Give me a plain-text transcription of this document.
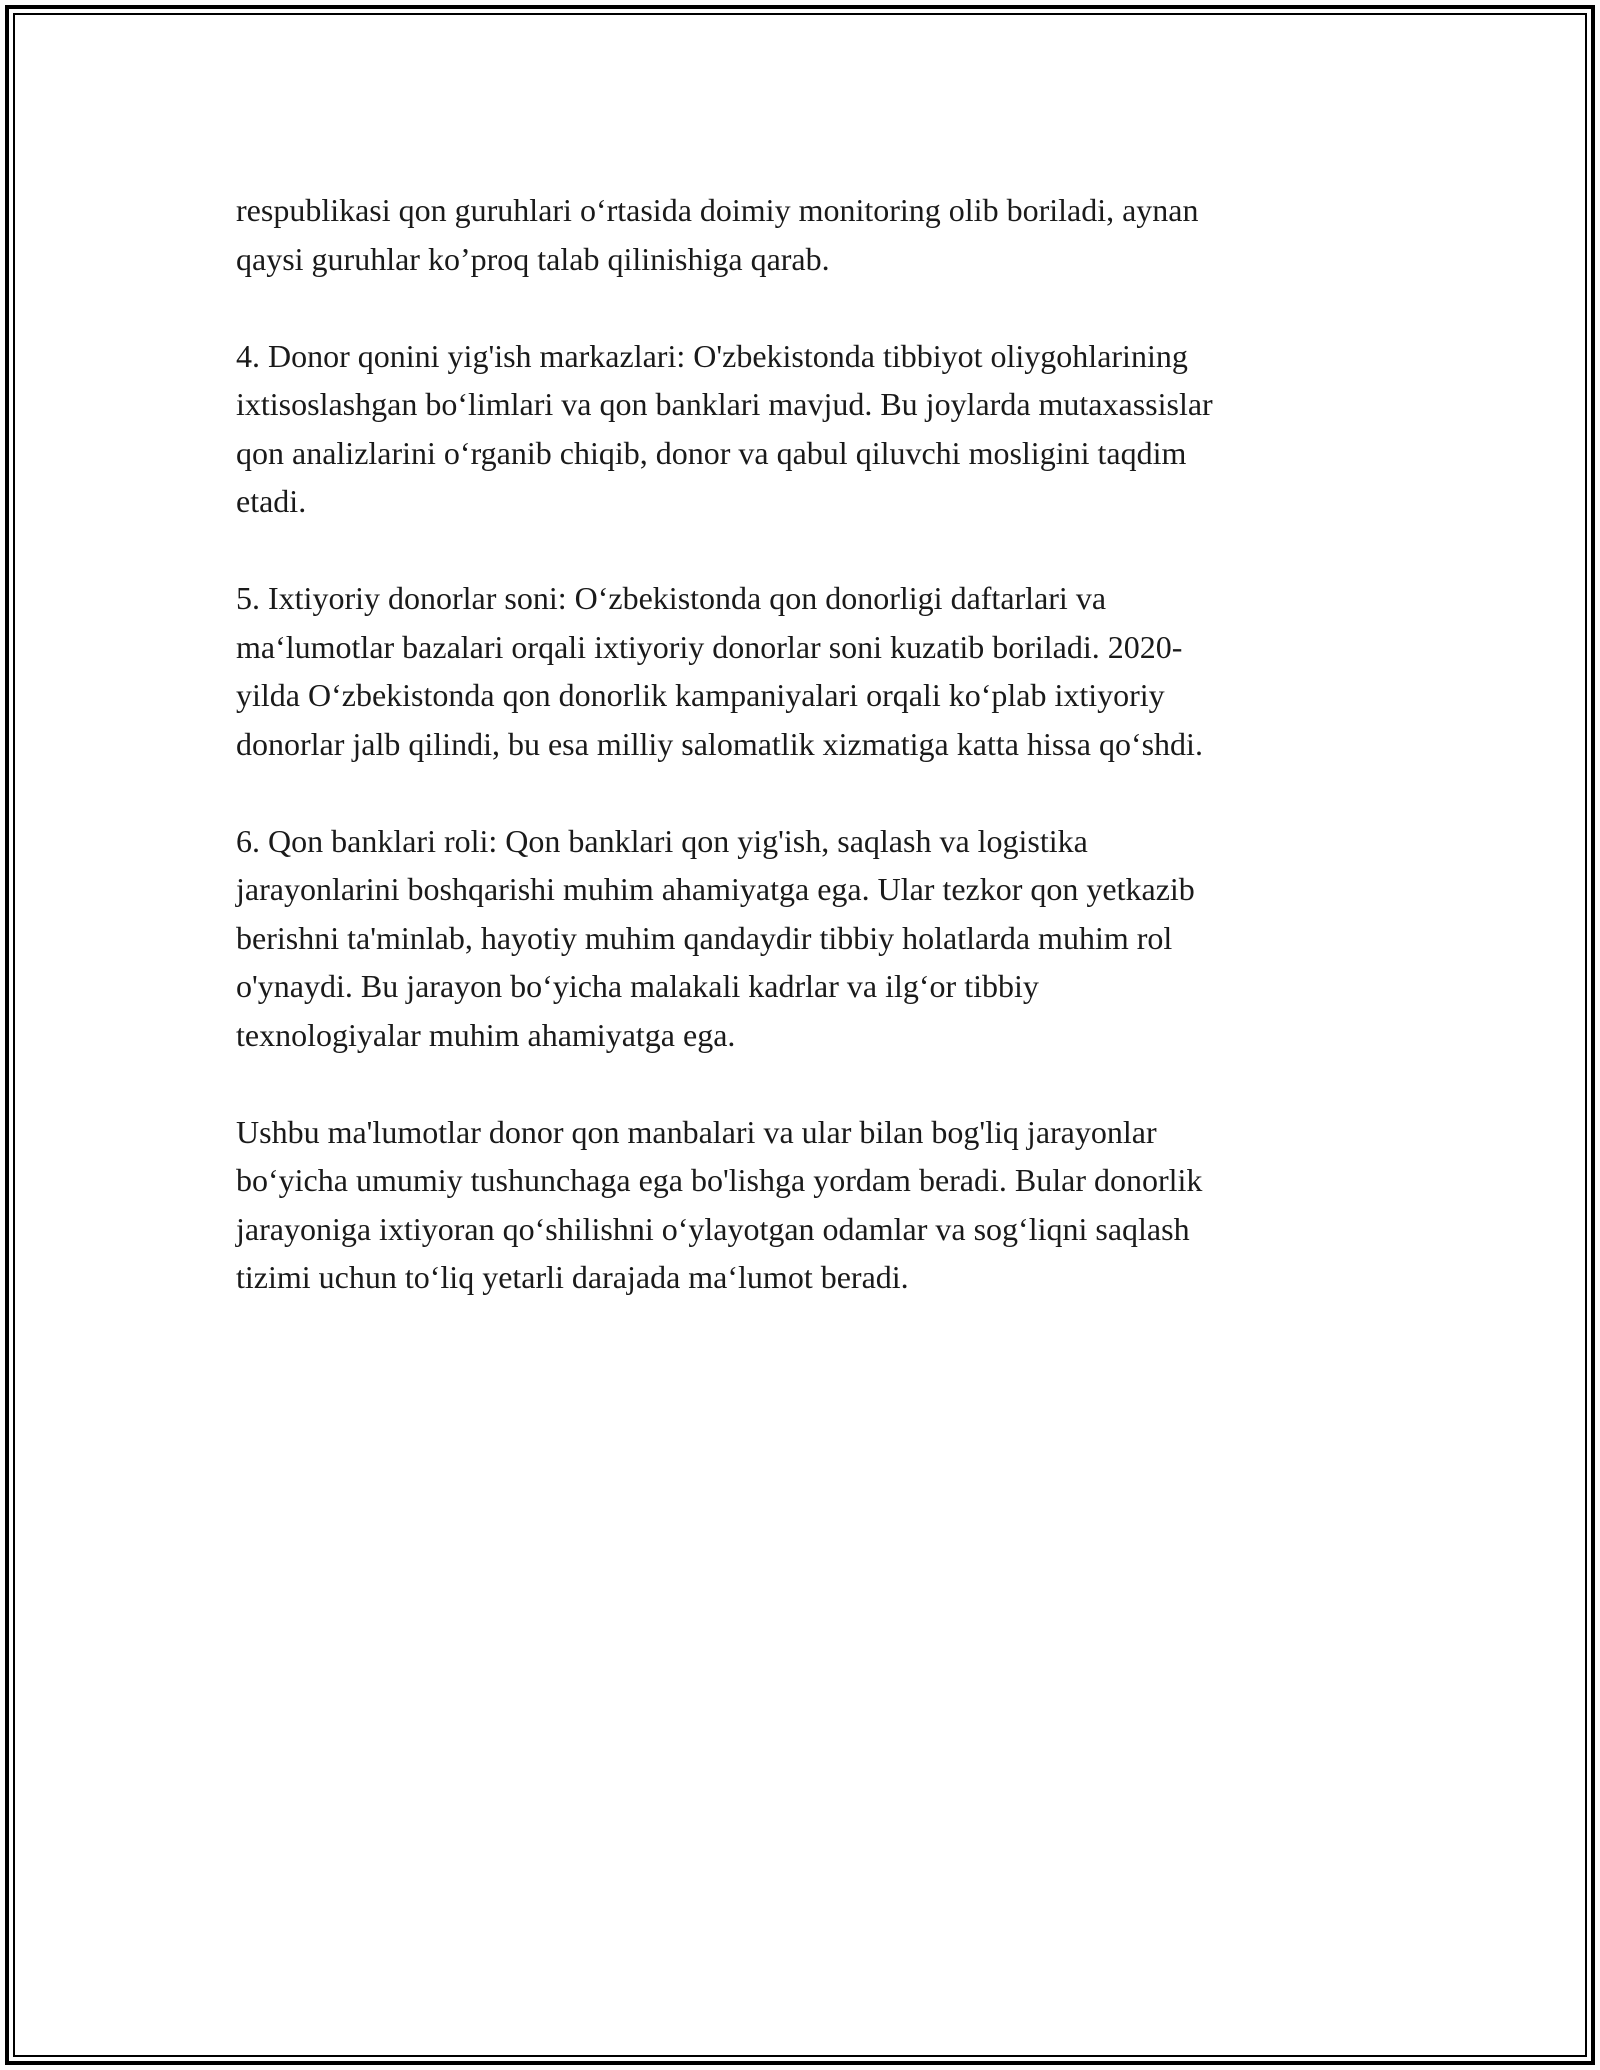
respublikasi qon guruhlari o‘rtasida doimiy monitoring olib boriladi, aynan
qaysi guruhlar ko’proq talab qilinishiga qarab.

4. Donor qonini yig'ish markazlari: O'zbekistonda tibbiyot oliygohlarining
ixtisoslashgan bo‘limlari va qon banklari mavjud. Bu joylarda mutaxassislar
qon analizlarini o‘rganib chiqib, donor va qabul qiluvchi mosligini taqdim
etadi.

5. Ixtiyoriy donorlar soni: O‘zbekistonda qon donorligi daftarlari va
ma‘lumotlar bazalari orqali ixtiyoriy donorlar soni kuzatib boriladi. 2020-
yilda O‘zbekistonda qon donorlik kampaniyalari orqali ko‘plab ixtiyoriy
donorlar jalb qilindi, bu esa milliy salomatlik xizmatiga katta hissa qo‘shdi.

6. Qon banklari roli: Qon banklari qon yig'ish, saqlash va logistika
jarayonlarini boshqarishi muhim ahamiyatga ega. Ular tezkor qon yetkazib
berishni ta'minlab, hayotiy muhim qandaydir tibbiy holatlarda muhim rol
o'ynaydi. Bu jarayon bo‘yicha malakali kadrlar va ilg‘or tibbiy
texnologiyalar muhim ahamiyatga ega.

Ushbu ma'lumotlar donor qon manbalari va ular bilan bog'liq jarayonlar
bo‘yicha umumiy tushunchaga ega bo'lishga yordam beradi. Bular donorlik
jarayoniga ixtiyoran qo‘shilishni o‘ylayotgan odamlar va sog‘liqni saqlash
tizimi uchun to‘liq yetarli darajada ma‘lumot beradi.
